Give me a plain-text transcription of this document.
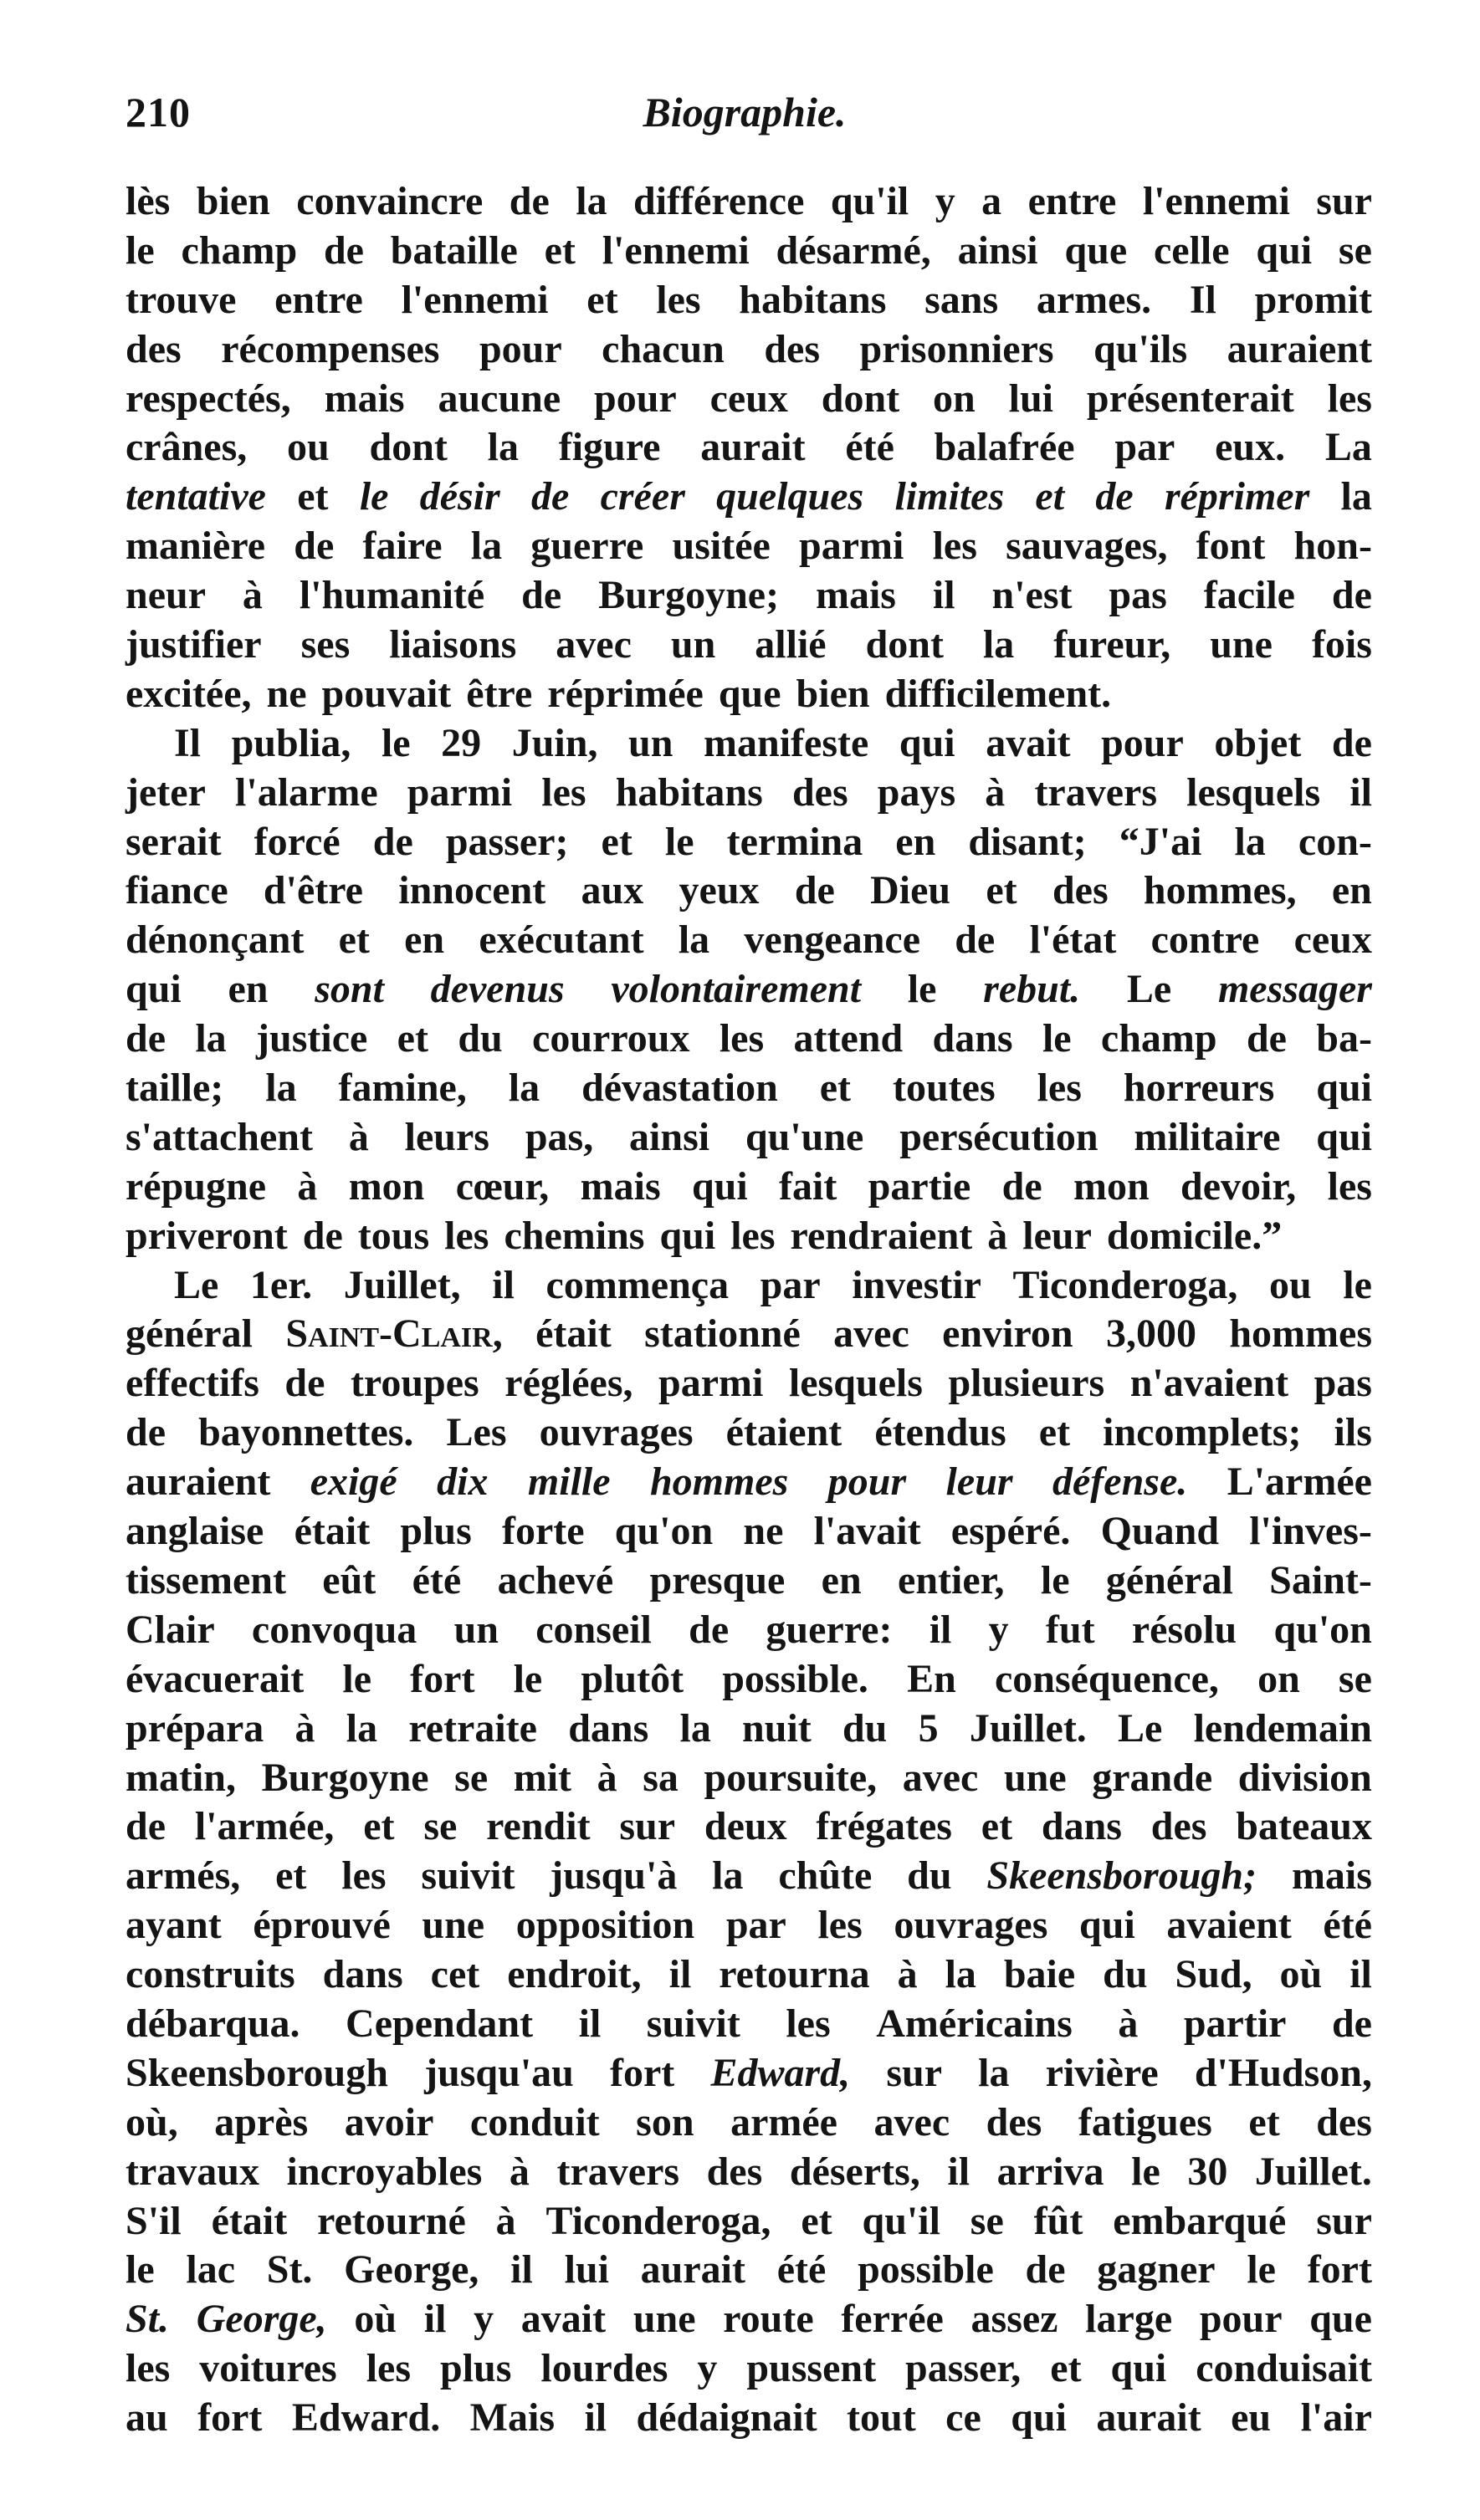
210	Biographie.
lès bien convaincre de la différence qu'il y a entre l'ennemi sur
le champ de bataille et l'ennemi désarmé, ainsi que celle qui se
trouve entre l'ennemi et les habitans sans armes. Il promit
des récompenses pour chacun des prisonniers qu'ils auraient
respectés, mais aucune pour ceux dont on lui présenterait les
crânes, ou dont la figure aurait été balafrée par eux. La
tentative et le désir de créer quelques limites et de réprimer la
manière de faire la guerre usitée parmi les sauvages, font hon-
neur à l'humanité de Burgoyne; mais il n'est pas facile de
justifier ses liaisons avec un allié dont la fureur, une fois
excitée, ne pouvait être réprimée que bien difficilement.
Il publia, le 29 Juin, un manifeste qui avait pour objet de
jeter l'alarme parmi les habitans des pays à travers lesquels il
serait forcé de passer; et le termina en disant; “J'ai la con-
fiance d'être innocent aux yeux de Dieu et des hommes, en
dénonçant et en exécutant la vengeance de l'état contre ceux
qui en sont devenus volontairement le rebut. Le messager
de la justice et du courroux les attend dans le champ de ba-
taille; la famine, la dévastation et toutes les horreurs qui
s'attachent à leurs pas, ainsi qu'une persécution militaire qui
répugne à mon cœur, mais qui fait partie de mon devoir, les
priveront de tous les chemins qui les rendraient à leur domicile.”
Le 1er. Juillet, il commença par investir Ticonderoga, ou le
général Saint-Clair, était stationné avec environ 3,000 hommes
effectifs de troupes réglées, parmi lesquels plusieurs n'avaient pas
de bayonnettes. Les ouvrages étaient étendus et incomplets; ils
auraient exigé dix mille hommes pour leur défense. L'armée
anglaise était plus forte qu'on ne l'avait espéré. Quand l'inves-
tissement eût été achevé presque en entier, le général Saint-
Clair convoqua un conseil de guerre: il y fut résolu qu'on
évacuerait le fort le plutôt possible. En conséquence, on se
prépara à la retraite dans la nuit du 5 Juillet. Le lendemain
matin, Burgoyne se mit à sa poursuite, avec une grande division
de l'armée, et se rendit sur deux frégates et dans des bateaux
armés, et les suivit jusqu'à la chûte du Skeensborough; mais
ayant éprouvé une opposition par les ouvrages qui avaient été
construits dans cet endroit, il retourna à la baie du Sud, où il
débarqua. Cependant il suivit les Américains à partir de
Skeensborough jusqu'au fort Edward, sur la rivière d'Hudson,
où, après avoir conduit son armée avec des fatigues et des
travaux incroyables à travers des déserts, il arriva le 30 Juillet.
S'il était retourné à Ticonderoga, et qu'il se fût embarqué sur
le lac St. George, il lui aurait été possible de gagner le fort
St. George, où il y avait une route ferrée assez large pour que
les voitures les plus lourdes y pussent passer, et qui conduisait
au fort Edward. Mais il dédaignait tout ce qui aurait eu l'air
